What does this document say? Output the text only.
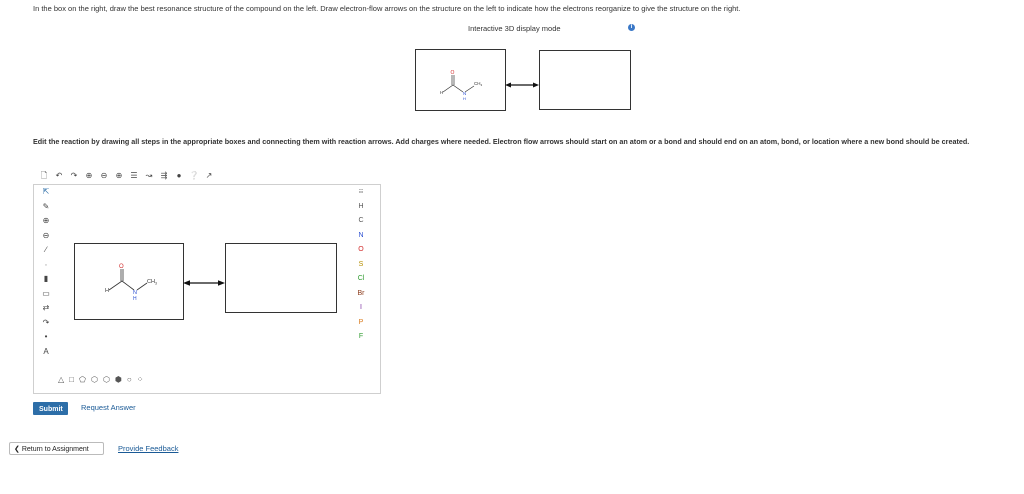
In the box on the right, draw the best resonance structure of the compound on the left. Draw electron-flow arrows on the structure on the left to indicate how the electrons reorganize to give the structure on the right.
Interactive 3D display mode	i
O
H	N
H
$CH_3$
Edit the reaction by drawing all steps in the appropriate boxes and connecting them with reaction arrows. Add charges where needed. Electron flow arrows should start on an atom or a bond and should end on an atom, bond, or location where a new bond should be created.
🗋 ↶ ↷ ⊕ ⊖ ⊕ ☰ ↝ ⇶	● ❔ ↗
⇱
✎
⊕
⊖
∕
∙
▮
▭
⇄
↷
•
A
O
H	N
H
$CH_3$
☷
H
C
N
O
S
Cl
Br
I
P
F
△ □ ⬠ ⬡ ⬡ ⬢ ○ ⁘
Submit	Request Answer
❮ Return to Assignment	Provide Feedback
